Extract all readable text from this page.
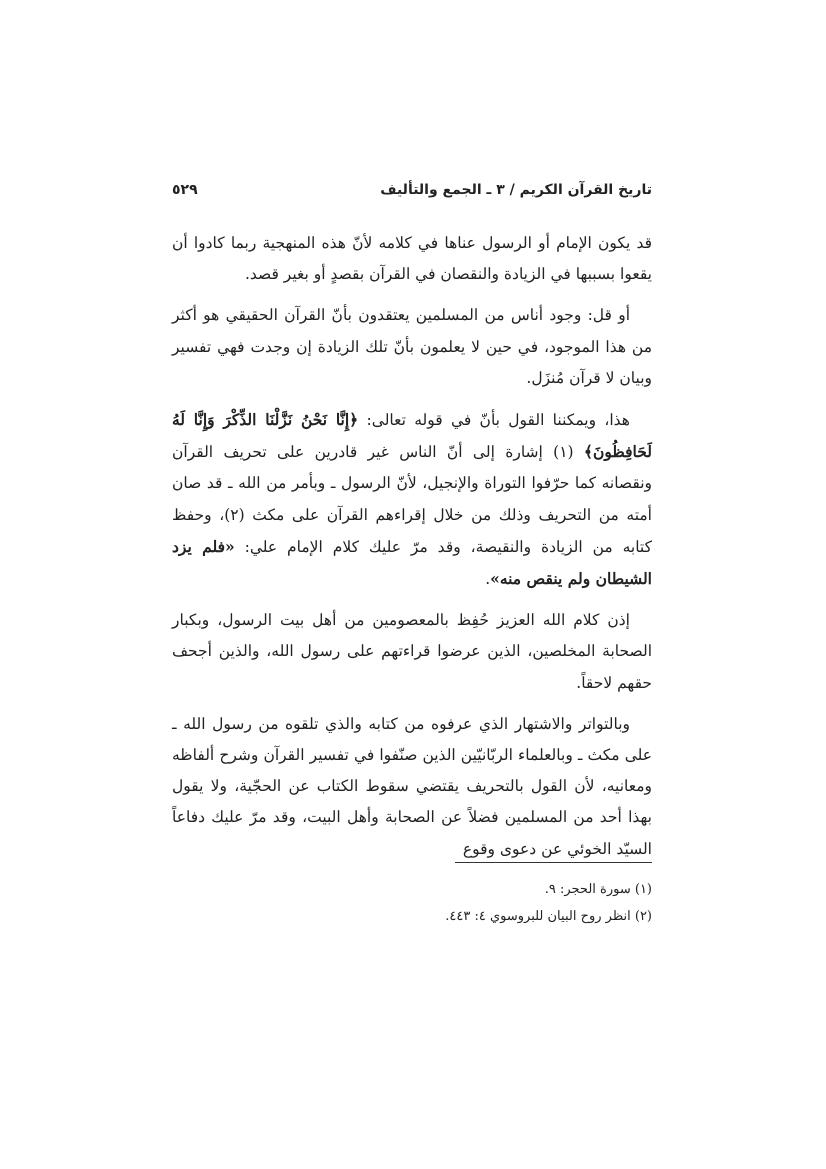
تاريخ القرآن الكريم / ٣ ـ الجمع والتأليف
٥٢٩

قد يكون الإمام أو الرسول عناها في كلامه لأنّ هذه المنهجية ربما كادوا أن يقعوا بسببها في الزيادة والنقصان في القرآن بقصدٍ أو بغير قصد.

أو قل: وجود أناس من المسلمين يعتقدون بأنّ القرآن الحقيقي هو أكثر من هذا الموجود، في حين لا يعلمون بأنّ تلك الزيادة إن وجدت فهي تفسير وبيان لا قرآن مُنزَل.

هذا، ويمكننا القول بأنّ في قوله تعالى: ﴿إِنَّا نَحْنُ نَزَّلْنَا الذِّكْرَ وَإِنَّا لَهُ لَحَافِظُونَ﴾ (١) إشارة إلى أنّ الناس غير قادرين على تحريف القرآن ونقصانه كما حرّفوا التوراة والإنجيل، لأنّ الرسول ـ وبأمر من الله ـ قد صان أمته من التحريف وذلك من خلال إقراءهم القرآن على مكث (٢)، وحفظ كتابه من الزيادة والنقيصة، وقد مرّ عليك كلام الإمام علي: «فلم يزد الشيطان ولم ينقص منه».

إذن كلام الله العزيز حُفِظ بالمعصومين من أهل بيت الرسول، وبكبار الصحابة المخلصين، الذين عرضوا قراءتهم على رسول الله، والذين أجحف حقهم لاحقاً.

وبالتواتر والاشتهار الذي عرفوه من كتابه والذي تلقوه من رسول الله ـ على مكث ـ وبالعلماء الربّانيّين الذين صنّفوا في تفسير القرآن وشرح ألفاظه ومعانيه، لأن القول بالتحريف يقتضي سقوط الكتاب عن الحجّية، ولا يقول بهذا أحد من المسلمين فضلاً عن الصحابة وأهل البيت، وقد مرّ عليك دفاعاً السيّد الخوئي عن دعوى وقوع

(١) سورة الحجر: ٩.

(٢) انظر روح البيان للبروسوي ٤: ٤٤٣.
